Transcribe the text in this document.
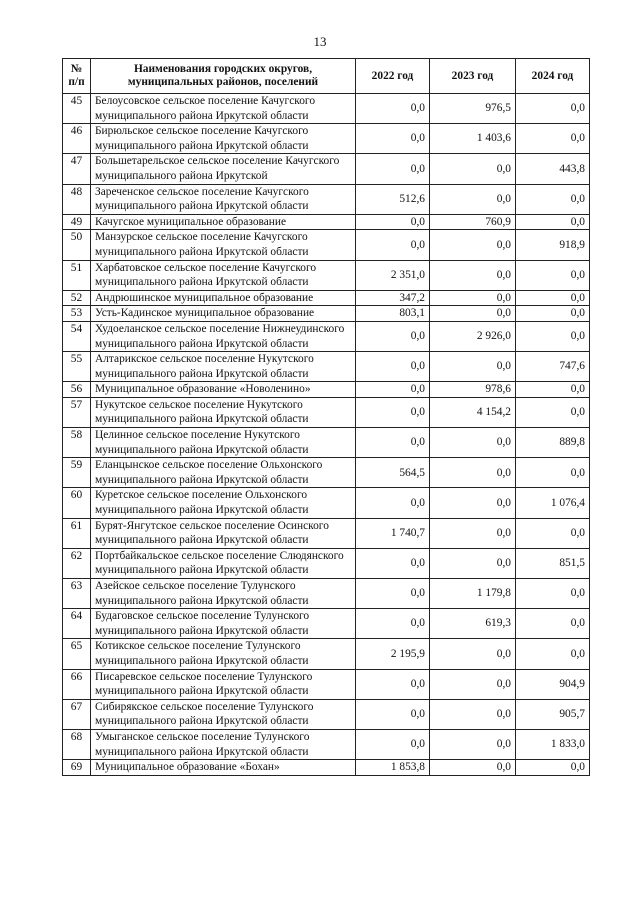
13
№ п/п	Наименования городских округов, муниципальных районов, поселений	2022 год	2023 год	2024 год
45	Белоусовское сельское поселение Качугского муниципального района Иркутской области	0,0	976,5	0,0
46	Бирюльское сельское поселение Качугского муниципального района Иркутской области	0,0	1 403,6	0,0
47	Большетарельское сельское поселение Качугского муниципального района Иркутской	0,0	0,0	443,8
48	Зареченское сельское поселение Качугского муниципального района Иркутской области	512,6	0,0	0,0
49	Качугское муниципальное образование	0,0	760,9	0,0
50	Манзурское сельское поселение Качугского муниципального района Иркутской области	0,0	0,0	918,9
51	Харбатовское сельское поселение Качугского муниципального района Иркутской области	2 351,0	0,0	0,0
52	Андрюшинское муниципальное образование	347,2	0,0	0,0
53	Усть-Кадинское муниципальное образование	803,1	0,0	0,0
54	Худоеланское сельское поселение Нижнеудинского муниципального района Иркутской области	0,0	2 926,0	0,0
55	Алтарикское сельское поселение Нукутского муниципального района Иркутской области	0,0	0,0	747,6
56	Муниципальное образование «Новоленино»	0,0	978,6	0,0
57	Нукутское сельское поселение Нукутского муниципального района Иркутской области	0,0	4 154,2	0,0
58	Целинное сельское поселение Нукутского муниципального района Иркутской области	0,0	0,0	889,8
59	Еланцынское сельское поселение Ольхонского муниципального района Иркутской области	564,5	0,0	0,0
60	Куретское сельское поселение Ольхонского муниципального района Иркутской области	0,0	0,0	1 076,4
61	Бурят-Янгутское сельское поселение Осинского муниципального района Иркутской области	1 740,7	0,0	0,0
62	Портбайкальское сельское поселение Слюдянского муниципального района Иркутской области	0,0	0,0	851,5
63	Азейское сельское поселение Тулунского муниципального района Иркутской области	0,0	1 179,8	0,0
64	Будаговское сельское поселение Тулунского муниципального района Иркутской области	0,0	619,3	0,0
65	Котикское сельское поселение Тулунского муниципального района Иркутской области	2 195,9	0,0	0,0
66	Писаревское сельское поселение Тулунского муниципального района Иркутской области	0,0	0,0	904,9
67	Сибирякское сельское поселение Тулунского муниципального района Иркутской области	0,0	0,0	905,7
68	Умыганское сельское поселение Тулунского муниципального района Иркутской области	0,0	0,0	1 833,0
69	Муниципальное образование «Бохан»	1 853,8	0,0	0,0
